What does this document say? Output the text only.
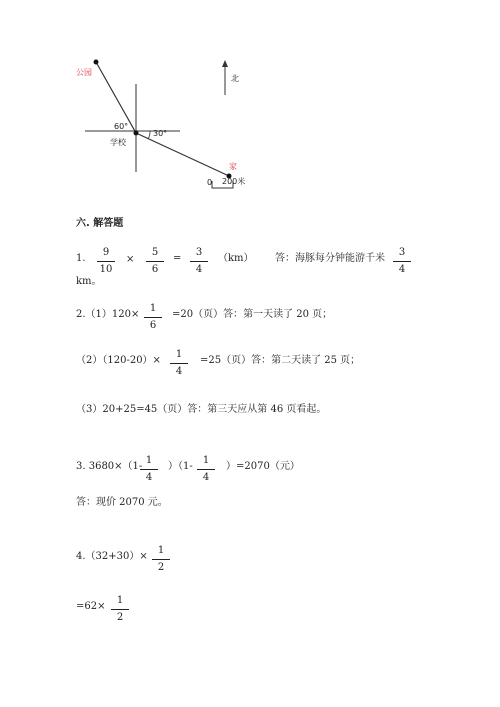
公园
60°
30°
学校
家
北
0 200米
六. 解答题
1.
9
10
×
5
6
=
3
4
（km） 答：海豚每分钟能游千米
3
4
km。
2.（1）120×
1
6
=20（页）答：第一天读了 20 页；
（2）（120-20）×
1
4
=25（页）答：第二天读了 25 页；
（3）20+25=45（页）答：第三天应从第 46 页看起。
3. 3680×（1-
1
4
）（1-
1
4
）=2070（元）
答：现价 2070 元。
4.（32+30）×
1
2
=62×
1
2
